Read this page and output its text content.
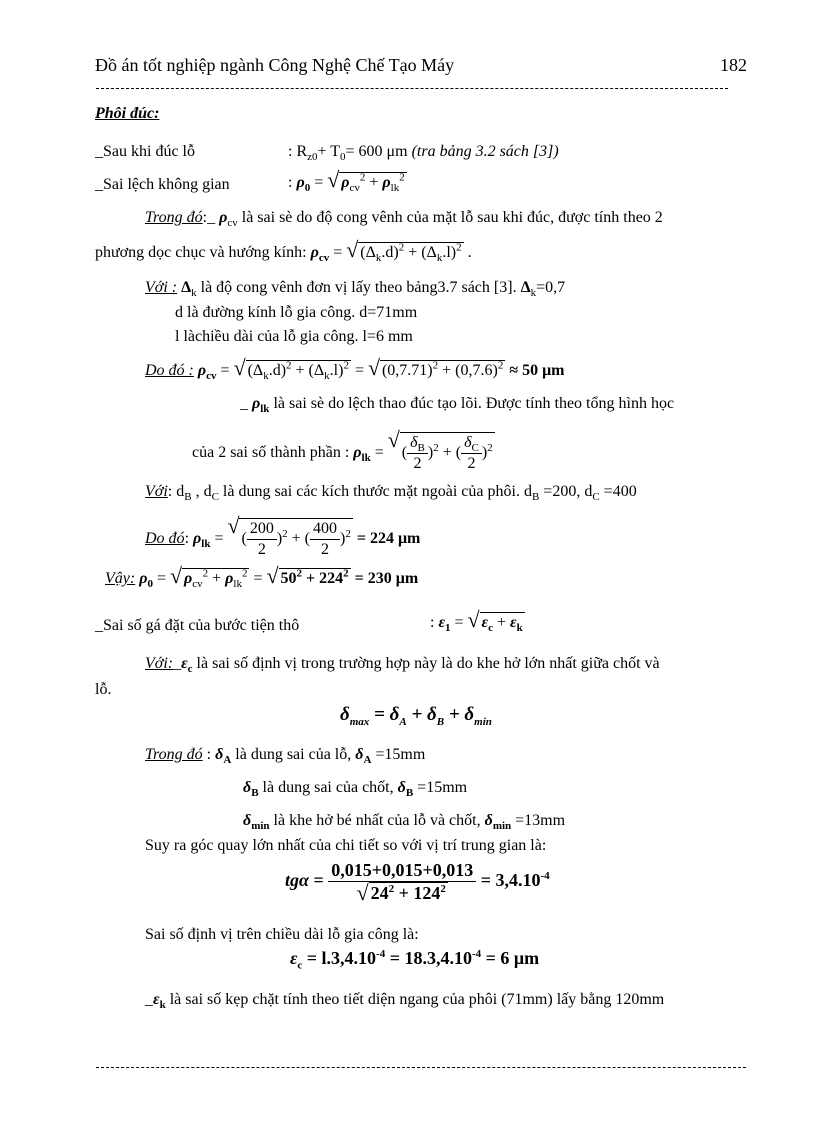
Đồ án tốt nghiệp ngành Công Nghệ Chế Tạo Máy	182
Phôi đúc:
_Sau khi đúc lỗ	: $R_{z0}+ T_0= 600$ μm (tra bảng 3.2 sách [3])
_Sai lệch không gian	: $\rho_0$ = √ $\rho_{cv}^2 + \rho_{lk}^2$
Trong đó:_ $\rho_{cv}$ là sai sè do độ cong vênh của mặt lỗ sau khi đúc, được tính theo 2
phương dọc chục và hướng kính: $\rho_{cv}$ = √ $(\Delta_k.d)^2 + (\Delta_k.l)^2$ .
Với : $\Delta_k$ là độ cong vênh đơn vị lấy theo bảng3.7 sách [3]. $\Delta_k=0,7$
d là đường kính lỗ gia công. d=71mm
l làchiều dài của lỗ gia công. l=6 mm
Do đó : $\rho_{cv}$ = √ $(\Delta_k.d)^2 + (\Delta_k.l)^2$ = √ $(0,7.71)^2 + (0,7.6)^2 \approx 50$ μm
_ $\rho_{lk}$ là sai sè do lệch thao đúc tạo lõi. Được tính theo tổng hình học
của 2 sai số thành phần : $\rho_{lk}$ = √ ( $\frac{\delta_B}{2} )^2$ + ( $\frac{\delta_C}{2} )^2$
Với: $d_B$ , $d_C$ là dung sai các kích thước mặt ngoài của phôi. $d_B =200$, $d_C =400$
Do đó: $\rho_{lk}$ = √ ( $\frac{200}{2} )^2$ + ( $\frac{400}{2} )^2 = 224$ μm
Vậy: $\rho_0$ = √ $\rho_{cv}^2 + \rho_{lk}^2$ = √ $50^2 + 224^2 = 230$ μm
_Sai số gá đặt của bước tiện thô	: $\varepsilon_1$ = √ $\varepsilon_c + \varepsilon_k$
$Với:\_\varepsilon_c$ là sai số định vị trong trường hợp này là do khe hở lớn nhất giữa chốt và
lỗ.
$\delta_{max} = \delta_A + \delta_B + \delta_{min}$
Trong đó : $\delta_A$ là dung sai của lỗ, $\delta_A =15mm$
$\delta_B$ là dung sai của chốt, $\delta_B =15mm$
$\delta_{min}$ là khe hở bé nhất của lỗ và chốt, $\delta_{min} =13mm$
Suy ra góc quay lớn nhất của chi tiết so với vị trí trung gian là:
tgα = 0,015+0,015+0,013
√ $24^2 + 124^2 = 3,4.10^{-4}$
Sai số định vị trên chiều dài lỗ gia công là:
$\varepsilon_c = l.3,4.10^{-4} = 18.3,4.10^{-4} = 6$ μm
$\_\varepsilon_k$ là sai số kẹp chặt tính theo tiết diện ngang của phôi (71mm) lấy bằng 120mm
